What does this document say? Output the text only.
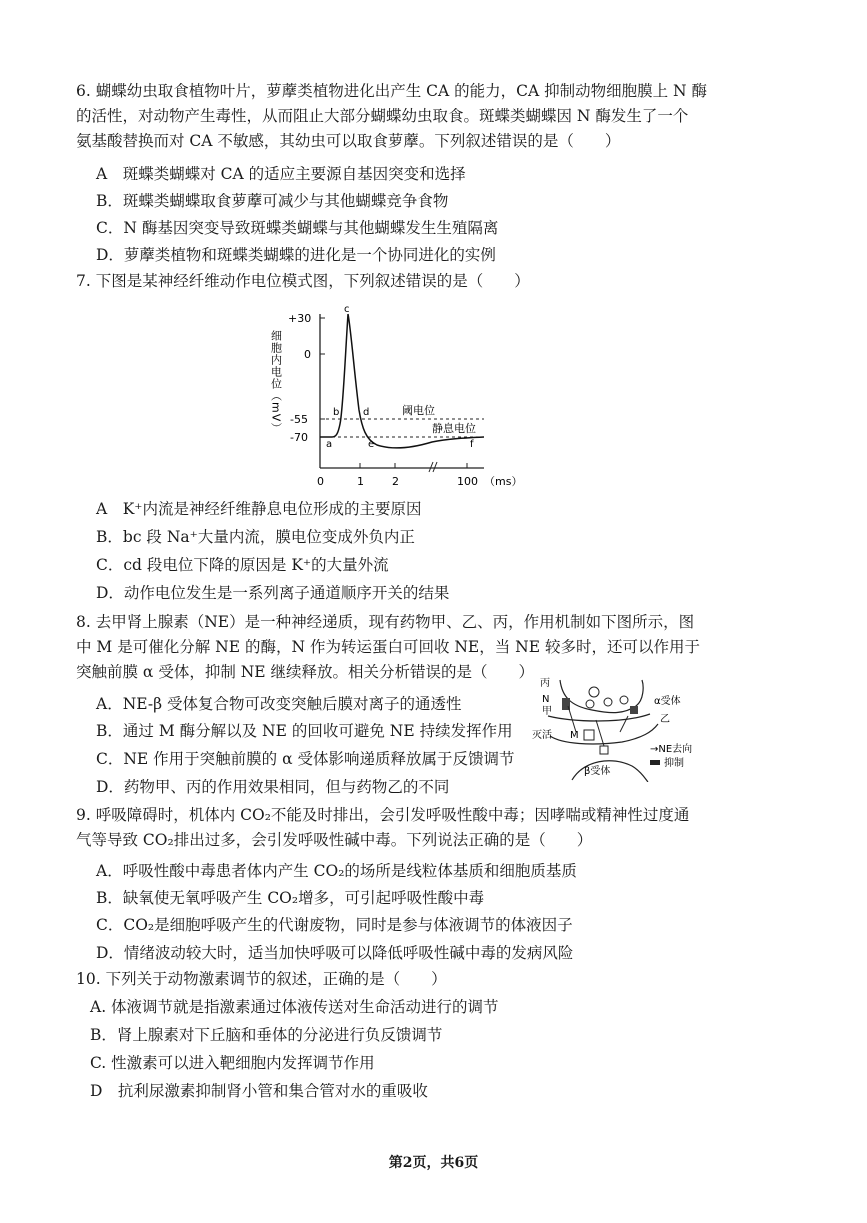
6. 蝴蝶幼虫取食植物叶片，萝藦类植物进化出产生 CA 的能力，CA 抑制动物细胞膜上 N 酶
的活性，对动物产生毒性，从而阻止大部分蝴蝶幼虫取食。斑蝶类蝴蝶因 N 酶发生了一个
氨基酸替换而对 CA 不敏感，其幼虫可以取食萝藦。下列叙述错误的是（　　）
A　斑蝶类蝴蝶对 CA 的适应主要源自基因突变和选择
B．斑蝶类蝴蝶取食萝藦可减少与其他蝴蝶竞争食物
C．N 酶基因突变导致斑蝶类蝴蝶与其他蝴蝶发生生殖隔离
D．萝藦类植物和斑蝶类蝴蝶的进化是一个协同进化的实例
7. 下图是某神经纤维动作电位模式图，下列叙述错误的是（　　）
+30
0
-55
-70
细胞内电位（mV）
0	1	2	100 （ms）
阈电位
静息电位
a
b
c
d
e	f
A　K⁺内流是神经纤维静息电位形成的主要原因
B．bc 段 Na⁺大量内流，膜电位变成外负内正
C．cd 段电位下降的原因是 K⁺的大量外流
D．动作电位发生是一系列离子通道顺序开关的结果
8. 去甲肾上腺素（NE）是一种神经递质，现有药物甲、乙、丙，作用机制如下图所示，图
中 M 是可催化分解 NE 的酶，N 作为转运蛋白可回收 NE，当 NE 较多时，还可以作用于
突触前膜 α 受体，抑制 NE 继续释放。相关分析错误的是（　　）
A．NE-β 受体复合物可改变突触后膜对离子的通透性
B．通过 M 酶分解以及 NE 的回收可避免 NE 持续发挥作用
C．NE 作用于突触前膜的 α 受体影响递质释放属于反馈调节
D．药物甲、丙的作用效果相同，但与药物乙的不同
丙
N
甲
灭活 M
α受体
乙
β受体
→NE去向
抑制
9. 呼吸障碍时，机体内 CO₂不能及时排出，会引发呼吸性酸中毒；因哮喘或精神性过度通
气等导致 CO₂排出过多，会引发呼吸性碱中毒。下列说法正确的是（　　）
A．呼吸性酸中毒患者体内产生 CO₂的场所是线粒体基质和细胞质基质
B．缺氧使无氧呼吸产生 CO₂增多，可引起呼吸性酸中毒
C．CO₂是细胞呼吸产生的代谢废物，同时是参与体液调节的体液因子
D．情绪波动较大时，适当加快呼吸可以降低呼吸性碱中毒的发病风险
10. 下列关于动物激素调节的叙述，正确的是（　　）
A. 体液调节就是指激素通过体液传送对生命活动进行的调节
B．肾上腺素对下丘脑和垂体的分泌进行负反馈调节
C. 性激素可以进入靶细胞内发挥调节作用
D　抗利尿激素抑制肾小管和集合管对水的重吸收
第2页，共6页
